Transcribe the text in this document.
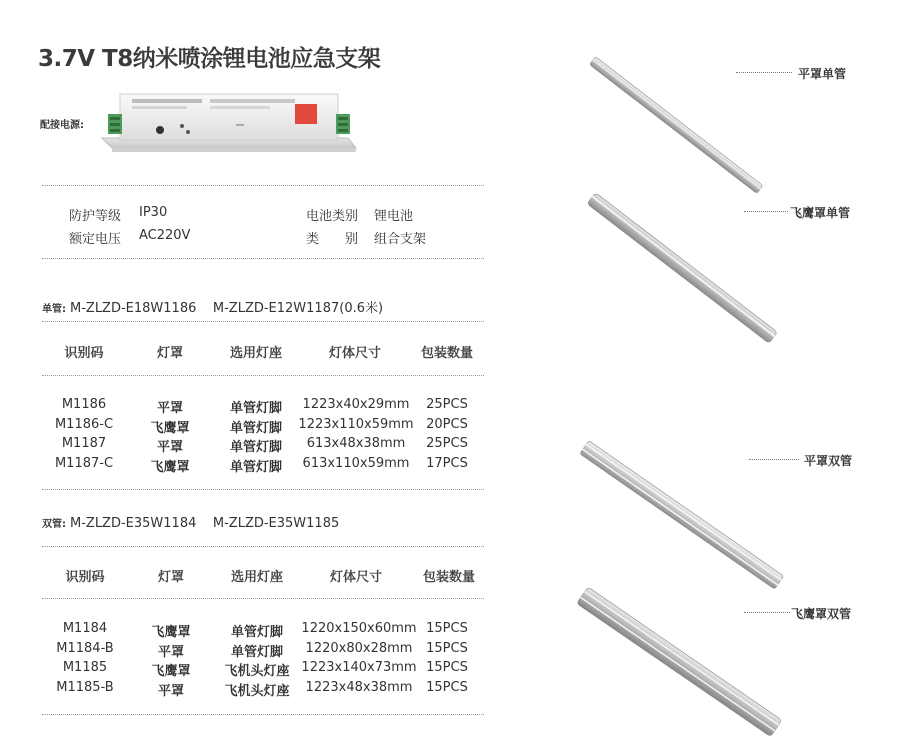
3.7V T8纳米喷涂锂电池应急支架
配接电源:
防护等级 IP30	电池类别 锂电池
额定电压 AC220V	类　　别 组合支架
单管: M-ZLZD-E18W1186    M-ZLZD-E12W1187(0.6米)
识别码	灯罩	选用灯座	灯体尺寸	包装数量
M1186	平罩	单管灯脚 1223x40x29mm 25PCS
M1186-C	飞鹰罩	单管灯脚 1223x110x59mm 20PCS
M1187	平罩	单管灯脚 613x48x38mm 25PCS
M1187-C	飞鹰罩	单管灯脚 613x110x59mm 17PCS
双管: M-ZLZD-E35W1184    M-ZLZD-E35W1185
识别码	灯罩	选用灯座	灯体尺寸	包装数量
M1184	飞鹰罩	单管灯脚 1220x150x60mm 15PCS
M1184-B	平罩	单管灯脚 1220x80x28mm 15PCS
M1185	飞鹰罩	飞机头灯座 1223x140x73mm 15PCS
M1185-B	平罩	飞机头灯座 1223x48x38mm 15PCS
平罩单管
飞鹰罩单管
平罩双管
飞鹰罩双管
